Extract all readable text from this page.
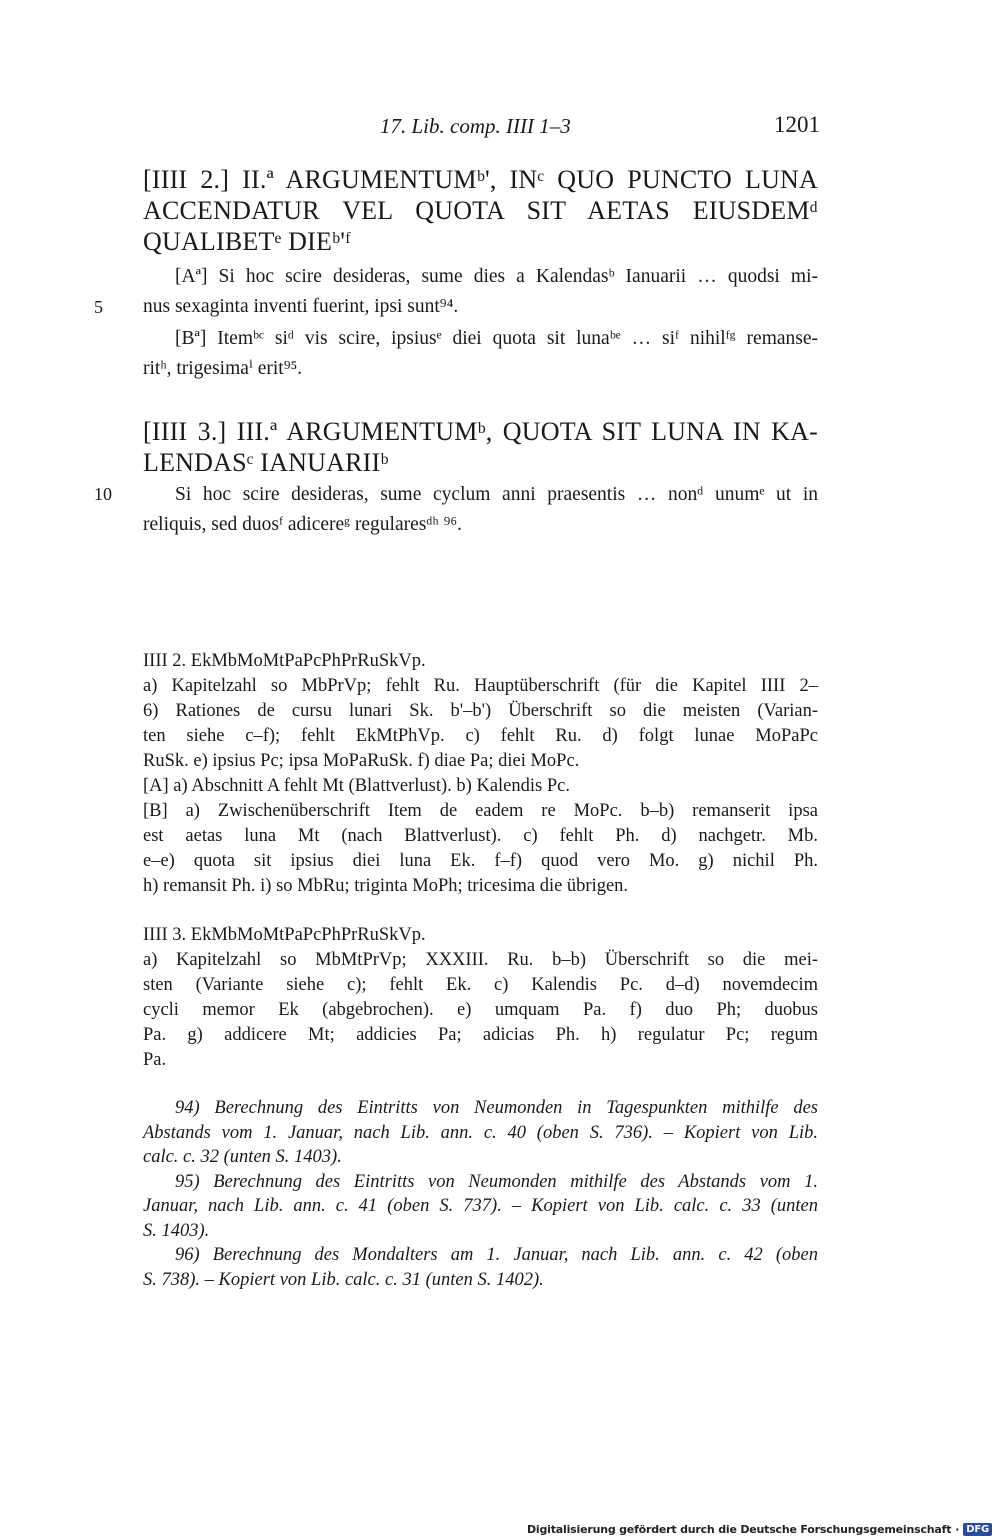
17. Lib. comp. IIII 1–3	1201
[IIII 2.] II.ª ARGUMENTUMᵇ', INᶜ QUO PUNCTO LUNA
ACCENDATUR VEL QUOTA SIT AETAS EIUSDEMᵈ
QUALIBETᵉ DIEᵇ'ᶠ
[Aª] Si hoc scire desideras, sume dies a Kalendasᵇ Ianuarii … quodsi mi-
nus sexaginta inventi fuerint, ipsi sunt⁹⁴.
5
[Bª] Itemᵇᶜ siᵈ vis scire, ipsiusᵉ diei quota sit lunaᵇᵉ … siᶠ nihilᶠᵍ remanse-
ritʰ, trigesimaⁱ erit⁹⁵.
[IIII 3.] III.ª ARGUMENTUMᵇ, QUOTA SIT LUNA IN KA-
LENDASᶜ IANUARIIᵇ
Si hoc scire desideras, sume cyclum anni praesentis … nonᵈ unumᵉ ut in
reliquis, sed duosᶠ adicereᵍ regularesᵈʰ ⁹⁶.
10
IIII 2. EkMbMoMtPaPcPhPrRuSkVp.
a) Kapitelzahl so MbPrVp; fehlt Ru. Hauptüberschrift (für die Kapitel IIII 2–
6) Rationes de cursu lunari Sk. b'–b') Überschrift so die meisten (Varian-
ten siehe c–f); fehlt EkMtPhVp. c) fehlt Ru. d) folgt lunae MoPaPc
RuSk. e) ipsius Pc; ipsa MoPaRuSk. f) diae Pa; diei MoPc.
[A] a) Abschnitt A fehlt Mt (Blattverlust). b) Kalendis Pc.
[B] a) Zwischenüberschrift Item de eadem re MoPc. b–b) remanserit ipsa
est aetas luna Mt (nach Blattverlust). c) fehlt Ph. d) nachgetr. Mb.
e–e) quota sit ipsius diei luna Ek. f–f) quod vero Mo. g) nichil Ph.
h) remansit Ph. i) so MbRu; triginta MoPh; tricesima die übrigen.
IIII 3. EkMbMoMtPaPcPhPrRuSkVp.
a) Kapitelzahl so MbMtPrVp; XXXIII. Ru. b–b) Überschrift so die mei-
sten (Variante siehe c); fehlt Ek. c) Kalendis Pc. d–d) novemdecim
cycli memor Ek (abgebrochen). e) umquam Pa. f) duo Ph; duobus
Pa. g) addicere Mt; addicies Pa; adicias Ph. h) regulatur Pc; regum
Pa.
94) Berechnung des Eintritts von Neumonden in Tagespunkten mithilfe des
Abstands vom 1. Januar, nach Lib. ann. c. 40 (oben S. 736). – Kopiert von Lib.
calc. c. 32 (unten S. 1403).
95) Berechnung des Eintritts von Neumonden mithilfe des Abstands vom 1.
Januar, nach Lib. ann. c. 41 (oben S. 737). – Kopiert von Lib. calc. c. 33 (unten
S. 1403).
96) Berechnung des Mondalters am 1. Januar, nach Lib. ann. c. 42 (oben
S. 738). – Kopiert von Lib. calc. c. 31 (unten S. 1402).
Digitalisierung gefördert durch die Deutsche Forschungsgemeinschaft · DFG
